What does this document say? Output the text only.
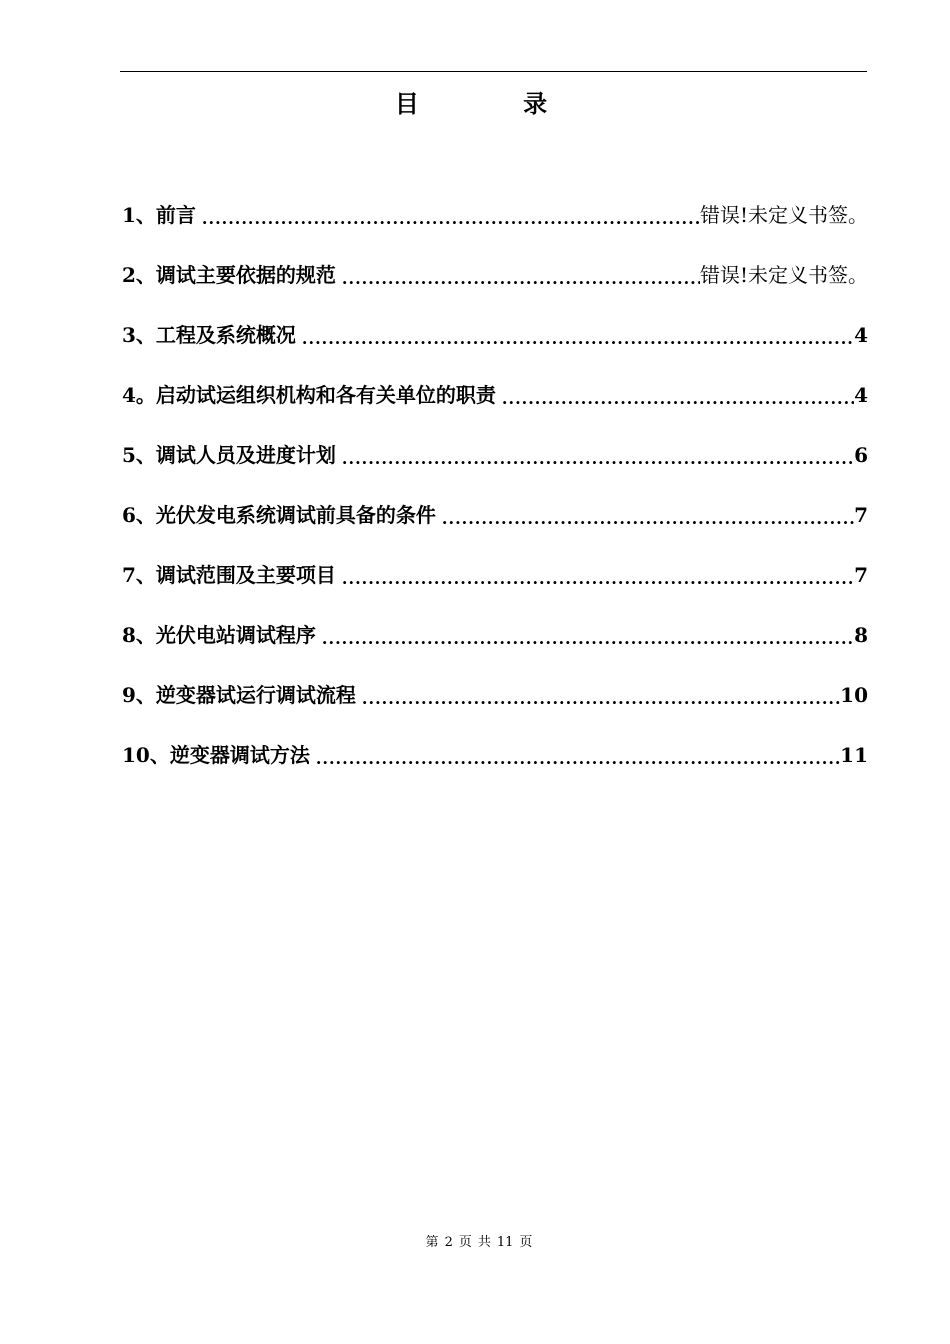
目 录
1、前言 .....	错误!未定义书签。
2、调试主要依据的规范 .....	错误!未定义书签。
3、工程及系统概况 .....	4
4。启动试运组织机构和各有关单位的职责 .....	4
5、调试人员及进度计划 .....	6
6、光伏发电系统调试前具备的条件 .....	7
7、调试范围及主要项目 .....	7
8、光伏电站调试程序 .....	8
9、逆变器试运行调试流程 .....	10
10、逆变器调试方法 .....	11
第 2 页 共 11 页
